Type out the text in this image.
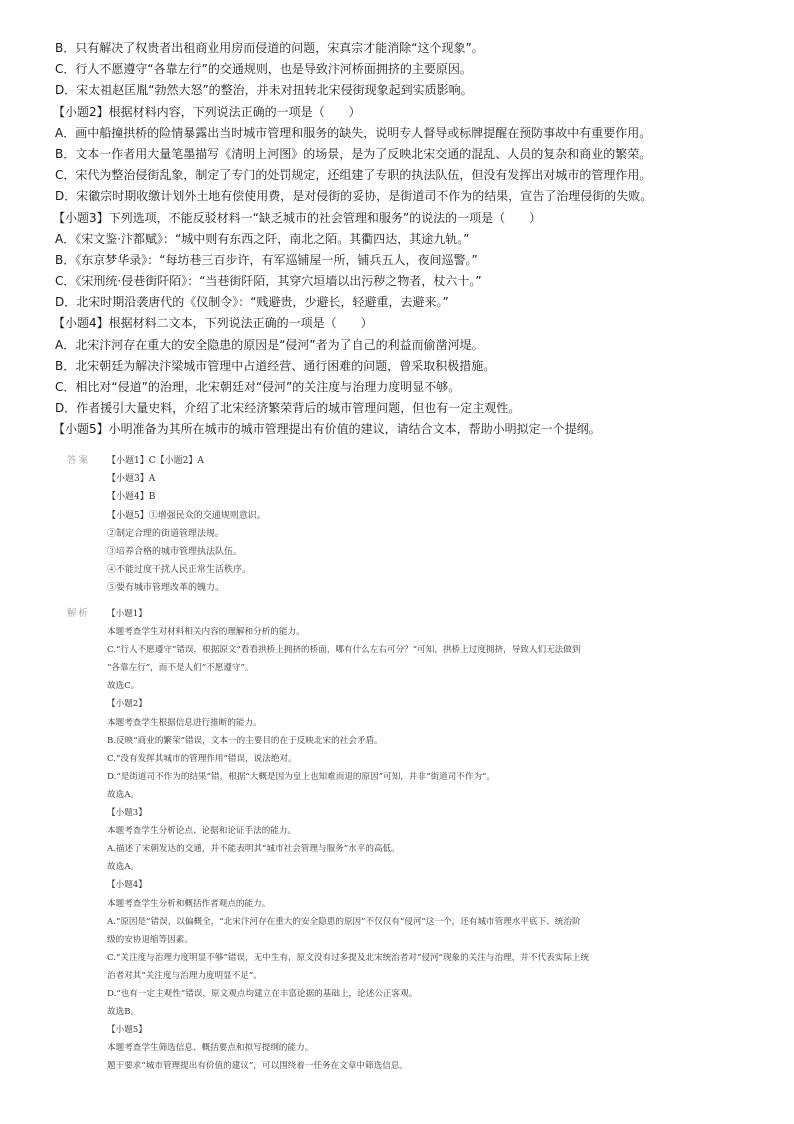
B．只有解决了权贵者出租商业用房而侵道的问题，宋真宗才能消除“这个现象”。
C．行人不愿遵守“各靠左行”的交通规则，也是导致汴河桥面拥挤的主要原因。
D．宋太祖赵匡胤“勃然大怒”的整治，并未对扭转北宋侵街现象起到实质影响。
【小题2】根据材料内容，下列说法正确的一项是（　　）
A．画中船撞拱桥的险情暴露出当时城市管理和服务的缺失，说明专人督导或标牌提醒在预防事故中有重要作用。
B．文本一作者用大量笔墨描写《清明上河图》的场景，是为了反映北宋交通的混乱、人员的复杂和商业的繁荣。
C．宋代为整治侵街乱象，制定了专门的处罚规定，还组建了专职的执法队伍，但没有发挥出对城市的管理作用。
D．宋徽宗时期收缴计划外土地有偿使用费，是对侵街的妥协，是街道司不作为的结果，宣告了治理侵街的失败。
【小题3】下列选项，不能反驳材料一“缺乏城市的社会管理和服务”的说法的一项是（　　）
A．《宋文鉴·汴都赋》：“城中则有东西之阡，南北之陌。其衢四达，其途九轨。”
B．《东京梦华录》：“每坊巷三百步许，有军巡铺屋一所，铺兵五人，夜间巡警。”
C．《宋刑统·侵巷街阡陌》：“当巷街阡陌，其穿穴垣墙以出污秽之物者，杖六十。”
D．北宋时期沿袭唐代的《仪制令》：“贱避贵，少避长，轻避重，去避来。”
【小题4】根据材料二文本，下列说法正确的一项是（　　）
A．北宋汴河存在重大的安全隐患的原因是“侵河”者为了自己的利益而偷凿河堤。
B．北宋朝廷为解决汴梁城市管理中占道经营、通行困难的问题，曾采取积极措施。
C．相比对“侵道”的治理，北宋朝廷对“侵河”的关注度与治理力度明显不够。
D．作者援引大量史料，介绍了北宋经济繁荣背后的城市管理问题，但也有一定主观性。
【小题5】小明准备为其所在城市的城市管理提出有价值的建议，请结合文本，帮助小明拟定一个提纲。
答案 【小题1】C【小题2】A
【小题3】A
【小题4】B
【小题5】①增强民众的交通规则意识。
②制定合理的街道管理法规。
③培养合格的城市管理执法队伍。
④不能过度干扰人民正常生活秩序。
⑤要有城市管理改革的魄力。
解析 【小题1】
本题考查学生对材料相关内容的理解和分析的能力。
C.“行人不愿遵守”错误，根据原文“看看拱桥上拥挤的桥面，哪有什么左右可分？”可知，拱桥上过度拥挤，导致人们无法做到
“各靠左行”，而不是人们“不愿遵守”。
故选C。
【小题2】
本题考查学生根据信息进行推断的能力。
B.反映“商业的繁荣”错误，文本一的主要目的在于反映北宋的社会矛盾。
C.“没有发挥其城市的管理作用”错误，说法绝对。
D.“是街道司不作为的结果”错，根据“大概是因为皇上也知难而退的原因”可知，并非“街道司不作为”。
故选A。
【小题3】
本题考查学生分析论点、论据和论证手法的能力。
A.描述了宋朝发达的交通，并不能表明其“城市社会管理与服务”水平的高低。
故选A。
【小题4】
本题考查学生分析和概括作者观点的能力。
A.“原因是”错误，以偏概全，“北宋汴河存在重大的安全隐患的原因”不仅仅有“侵河”这一个，还有城市管理水平底下、统治阶
级的安协退缩等因素。
C.“关注度与治理力度明显不够”错误，无中生有，原文没有过多提及北宋统治者对“侵河”现象的关注与治理，并不代表实际上统
治者对其“关注度与治理力度明显不足”。
D.“也有一定主观性”错误，原文观点均建立在丰富论据的基础上，论述公正客观。
故选B。
【小题5】
本题考查学生筛选信息、概括要点和拟写提纲的能力。
题干要求“城市管理提出有价值的建议”，可以围绕着一任务在文章中筛选信息。
